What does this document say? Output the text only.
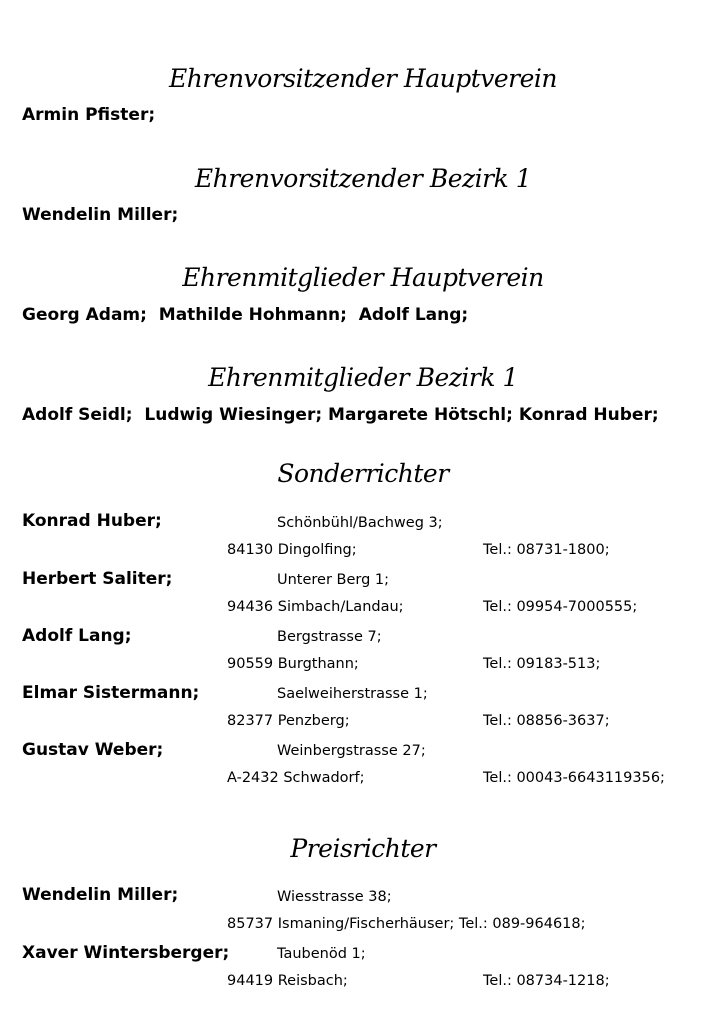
Ehrenvorsitzender Hauptverein
Armin Pfister;
Ehrenvorsitzender Bezirk 1
Wendelin Miller;
Ehrenmitglieder Hauptverein
Georg Adam;  Mathilde Hohmann;  Adolf Lang;
Ehrenmitglieder Bezirk 1
Adolf Seidl;  Ludwig Wiesinger; Margarete Hötschl; Konrad Huber;
Sonderrichter
Konrad Huber;	Schönbühl/Bachweg 3;
84130 Dingolfing;	Tel.: 08731-1800;
Herbert Saliter;	Unterer Berg 1;
94436 Simbach/Landau;	Tel.: 09954-7000555;
Adolf Lang;	Bergstrasse 7;
90559 Burgthann;	Tel.: 09183-513;
Elmar Sistermann;	Saelweiherstrasse 1;
82377 Penzberg;	Tel.: 08856-3637;
Gustav Weber;	Weinbergstrasse 27;
A-2432 Schwadorf;	Tel.: 00043-6643119356;
Preisrichter
Wendelin Miller;	Wiesstrasse 38;
85737 Ismaning/Fischerhäuser; Tel.: 089-964618;
Xaver Wintersberger;	Taubenöd 1;
94419 Reisbach;	Tel.: 08734-1218;
